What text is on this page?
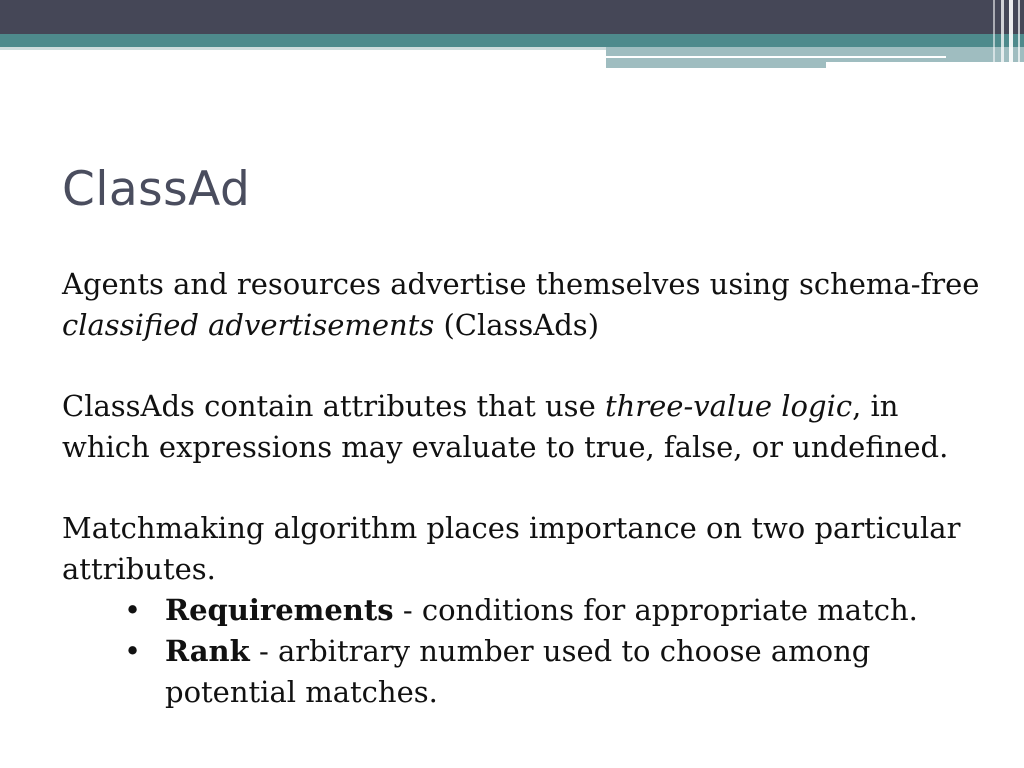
ClassAd

Agents and resources advertise themselves using schema-free classified advertisements (ClassAds)

ClassAds contain attributes that use three-value logic, in which expressions may evaluate to true, false, or undefined.

Matchmaking algorithm places importance on two particular attributes.

• Requirements - conditions for appropriate match.
• Rank - arbitrary number used to choose among potential matches.
